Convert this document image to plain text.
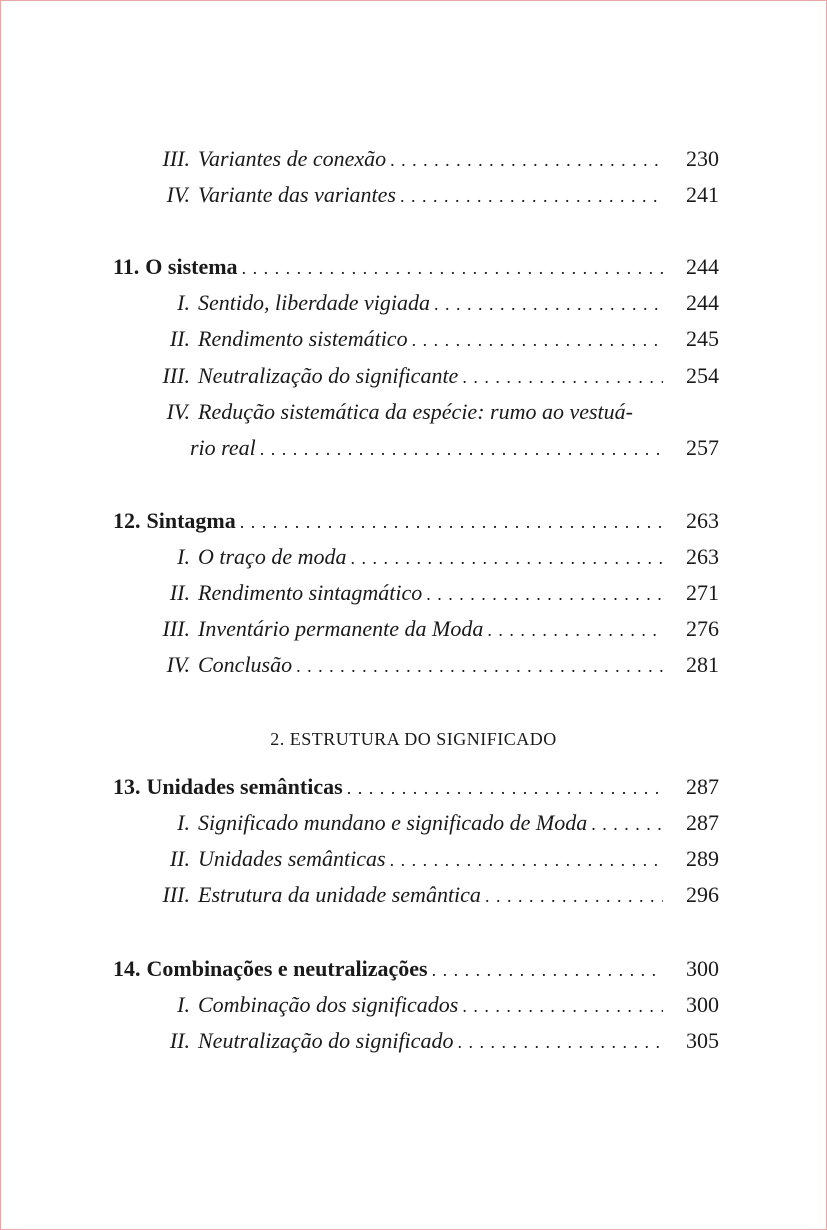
III. Variantes de conexão . . .	230
IV. Variante das variantes . . .	241
11. O sistema . . .	244
I. Sentido, liberdade vigiada . . .	244
II. Rendimento sistemático . . .	245
III. Neutralização do significante . . .	254
IV. Redução sistemática da espécie: rumo ao vestuá-
rio real . . .	257
12. Sintagma . . .	263
I. O traço de moda . . .	263
II. Rendimento sintagmático . . .	271
III. Inventário permanente da Moda . . .	276
IV. Conclusão . . .	281
2. ESTRUTURA DO SIGNIFICADO
13. Unidades semânticas . . .	287
I. Significado mundano e significado de Moda . . .	287
II. Unidades semânticas . . .	289
III. Estrutura da unidade semântica . . .	296
14. Combinações e neutralizações . . .	300
I. Combinação dos significados . . .	300
II. Neutralização do significado . . .	305
